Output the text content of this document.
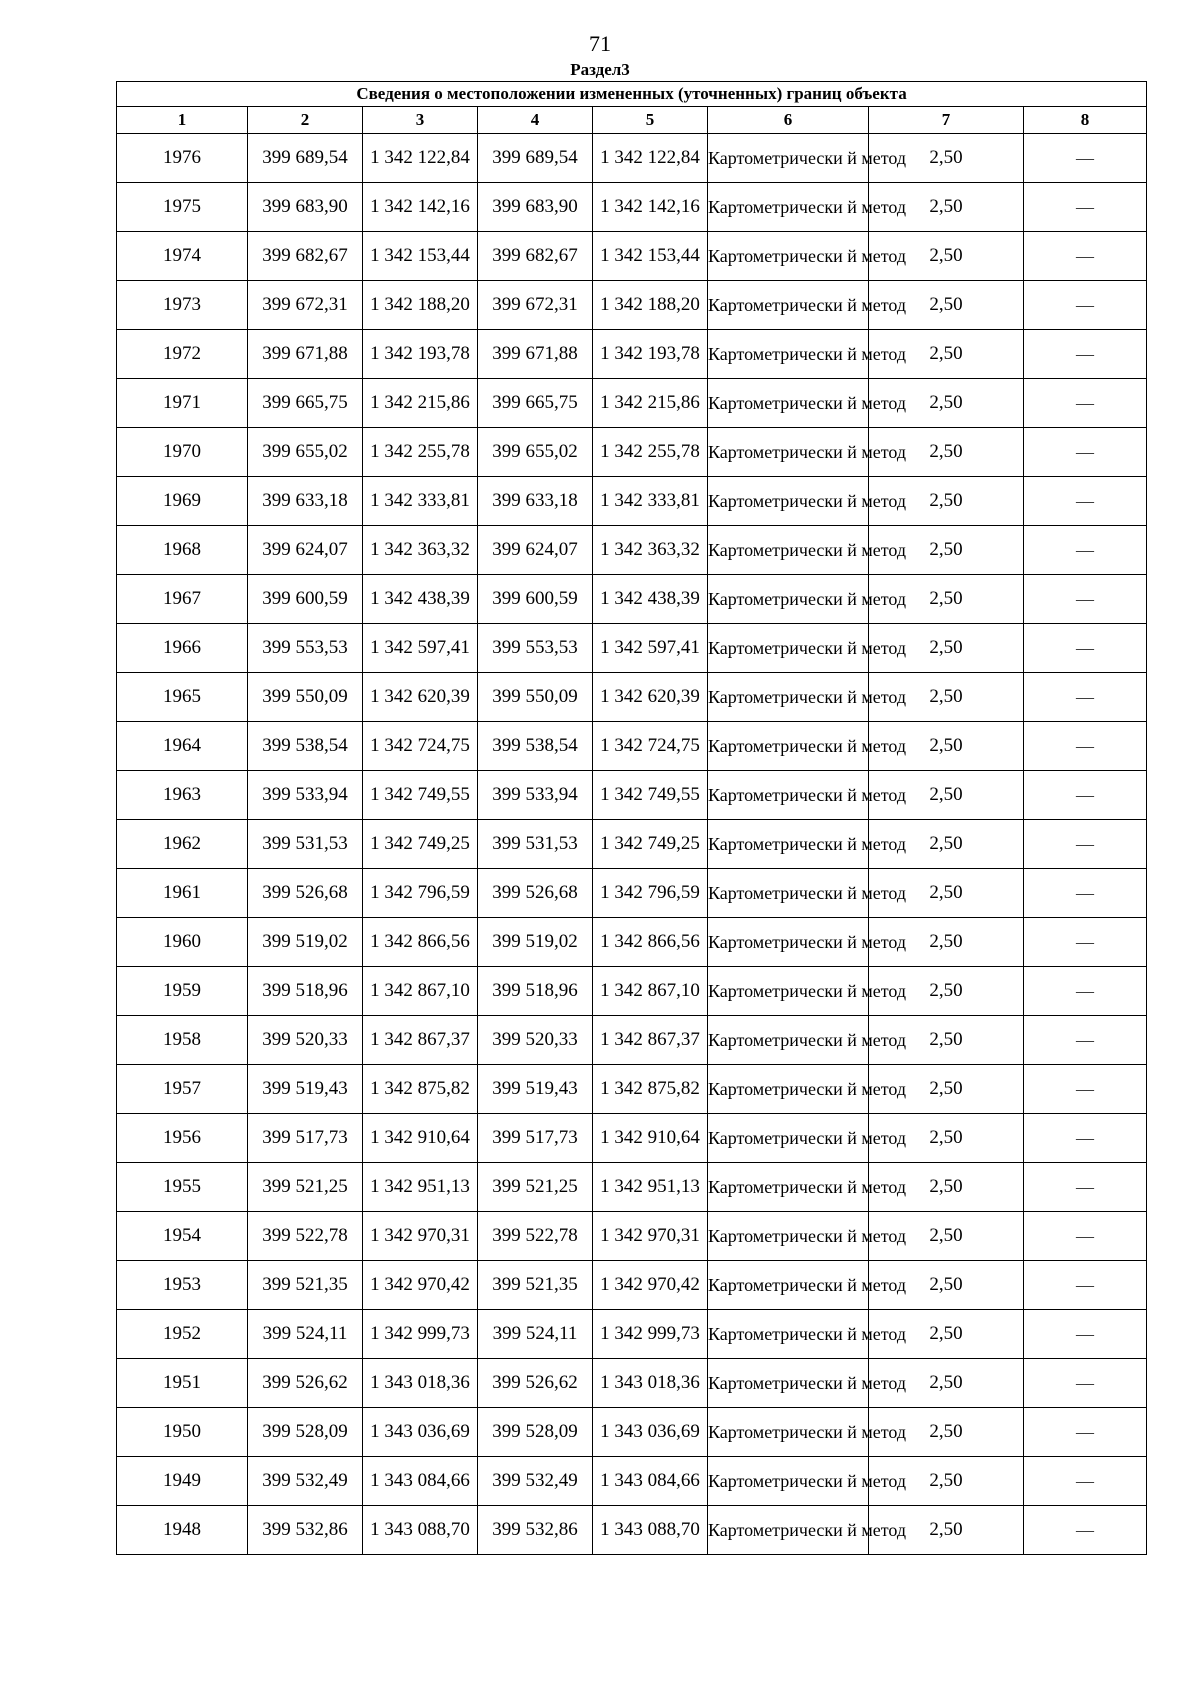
71
Раздел3
Сведения о местоположении измененных (уточненных) границ объекта							
1	2	3	4	5	6	7	8
1976	399 689,54	1 342 122,84	399 689,54	1 342 122,84	Картометрически й метод	2,50	—
1975	399 683,90	1 342 142,16	399 683,90	1 342 142,16	Картометрически й метод	2,50	—
1974	399 682,67	1 342 153,44	399 682,67	1 342 153,44	Картометрически й метод	2,50	—
1973	399 672,31	1 342 188,20	399 672,31	1 342 188,20	Картометрически й метод	2,50	—
1972	399 671,88	1 342 193,78	399 671,88	1 342 193,78	Картометрически й метод	2,50	—
1971	399 665,75	1 342 215,86	399 665,75	1 342 215,86	Картометрически й метод	2,50	—
1970	399 655,02	1 342 255,78	399 655,02	1 342 255,78	Картометрически й метод	2,50	—
1969	399 633,18	1 342 333,81	399 633,18	1 342 333,81	Картометрически й метод	2,50	—
1968	399 624,07	1 342 363,32	399 624,07	1 342 363,32	Картометрически й метод	2,50	—
1967	399 600,59	1 342 438,39	399 600,59	1 342 438,39	Картометрически й метод	2,50	—
1966	399 553,53	1 342 597,41	399 553,53	1 342 597,41	Картометрически й метод	2,50	—
1965	399 550,09	1 342 620,39	399 550,09	1 342 620,39	Картометрически й метод	2,50	—
1964	399 538,54	1 342 724,75	399 538,54	1 342 724,75	Картометрически й метод	2,50	—
1963	399 533,94	1 342 749,55	399 533,94	1 342 749,55	Картометрически й метод	2,50	—
1962	399 531,53	1 342 749,25	399 531,53	1 342 749,25	Картометрически й метод	2,50	—
1961	399 526,68	1 342 796,59	399 526,68	1 342 796,59	Картометрически й метод	2,50	—
1960	399 519,02	1 342 866,56	399 519,02	1 342 866,56	Картометрически й метод	2,50	—
1959	399 518,96	1 342 867,10	399 518,96	1 342 867,10	Картометрически й метод	2,50	—
1958	399 520,33	1 342 867,37	399 520,33	1 342 867,37	Картометрически й метод	2,50	—
1957	399 519,43	1 342 875,82	399 519,43	1 342 875,82	Картометрически й метод	2,50	—
1956	399 517,73	1 342 910,64	399 517,73	1 342 910,64	Картометрически й метод	2,50	—
1955	399 521,25	1 342 951,13	399 521,25	1 342 951,13	Картометрически й метод	2,50	—
1954	399 522,78	1 342 970,31	399 522,78	1 342 970,31	Картометрически й метод	2,50	—
1953	399 521,35	1 342 970,42	399 521,35	1 342 970,42	Картометрически й метод	2,50	—
1952	399 524,11	1 342 999,73	399 524,11	1 342 999,73	Картометрически й метод	2,50	—
1951	399 526,62	1 343 018,36	399 526,62	1 343 018,36	Картометрически й метод	2,50	—
1950	399 528,09	1 343 036,69	399 528,09	1 343 036,69	Картометрически й метод	2,50	—
1949	399 532,49	1 343 084,66	399 532,49	1 343 084,66	Картометрически й метод	2,50	—
1948	399 532,86	1 343 088,70	399 532,86	1 343 088,70	Картометрически й метод	2,50	—
